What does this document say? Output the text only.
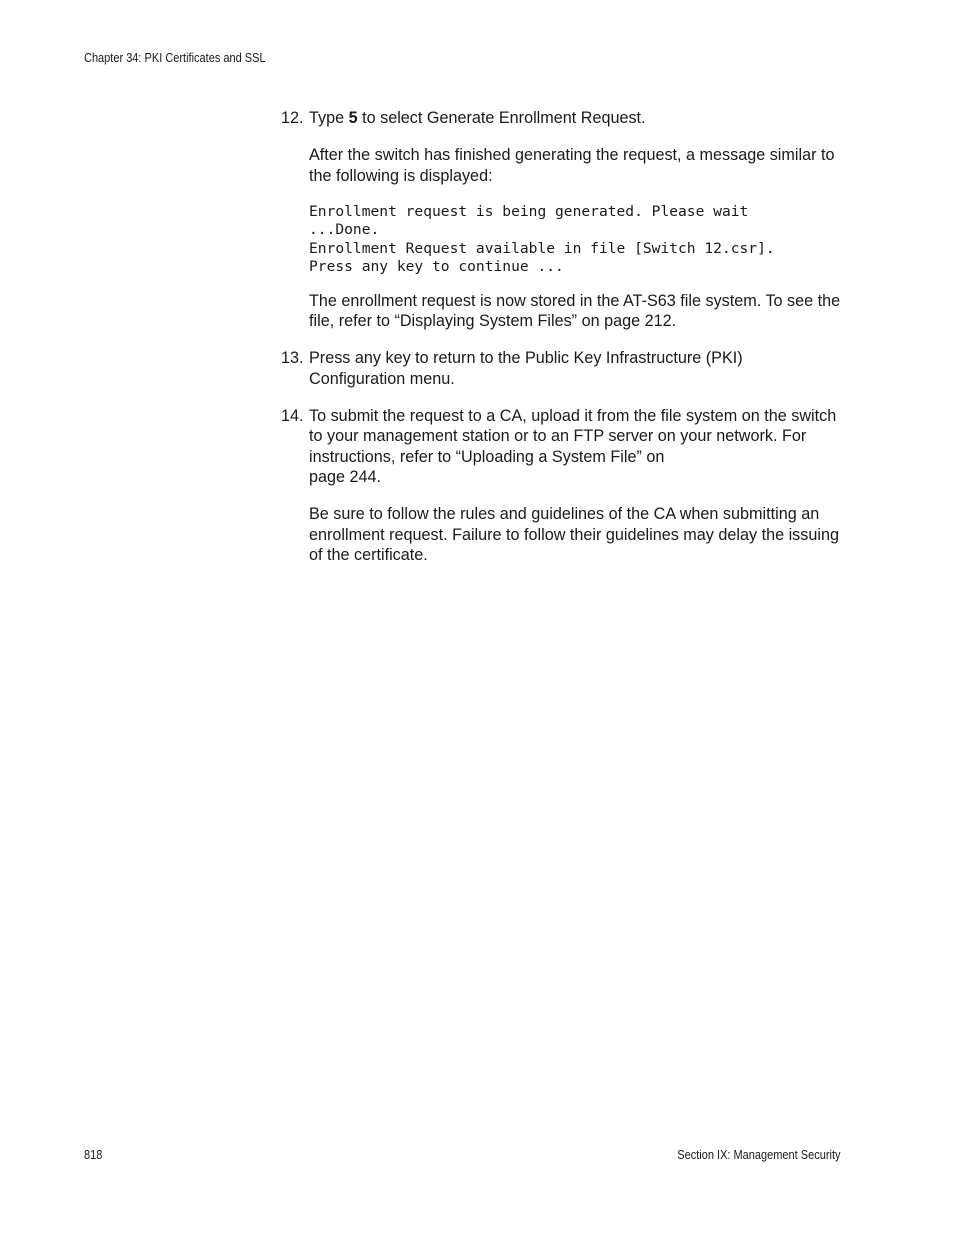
Chapter 34: PKI Certificates and SSL
12. Type 5 to select Generate Enrollment Request.
After the switch has finished generating the request, a message similar to the following is displayed:
Enrollment request is being generated. Please wait
...Done.
Enrollment Request available in file [Switch 12.csr].
Press any key to continue ...
The enrollment request is now stored in the AT-S63 file system. To see the file, refer to “Displaying System Files” on page 212.
13. Press any key to return to the Public Key Infrastructure (PKI) Configuration menu.
14. To submit the request to a CA, upload it from the file system on the switch to your management station or to an FTP server on your network. For instructions, refer to “Uploading a System File” on
page 244.
Be sure to follow the rules and guidelines of the CA when submitting an enrollment request. Failure to follow their guidelines may delay the issuing of the certificate.
818	Section IX: Management Security
